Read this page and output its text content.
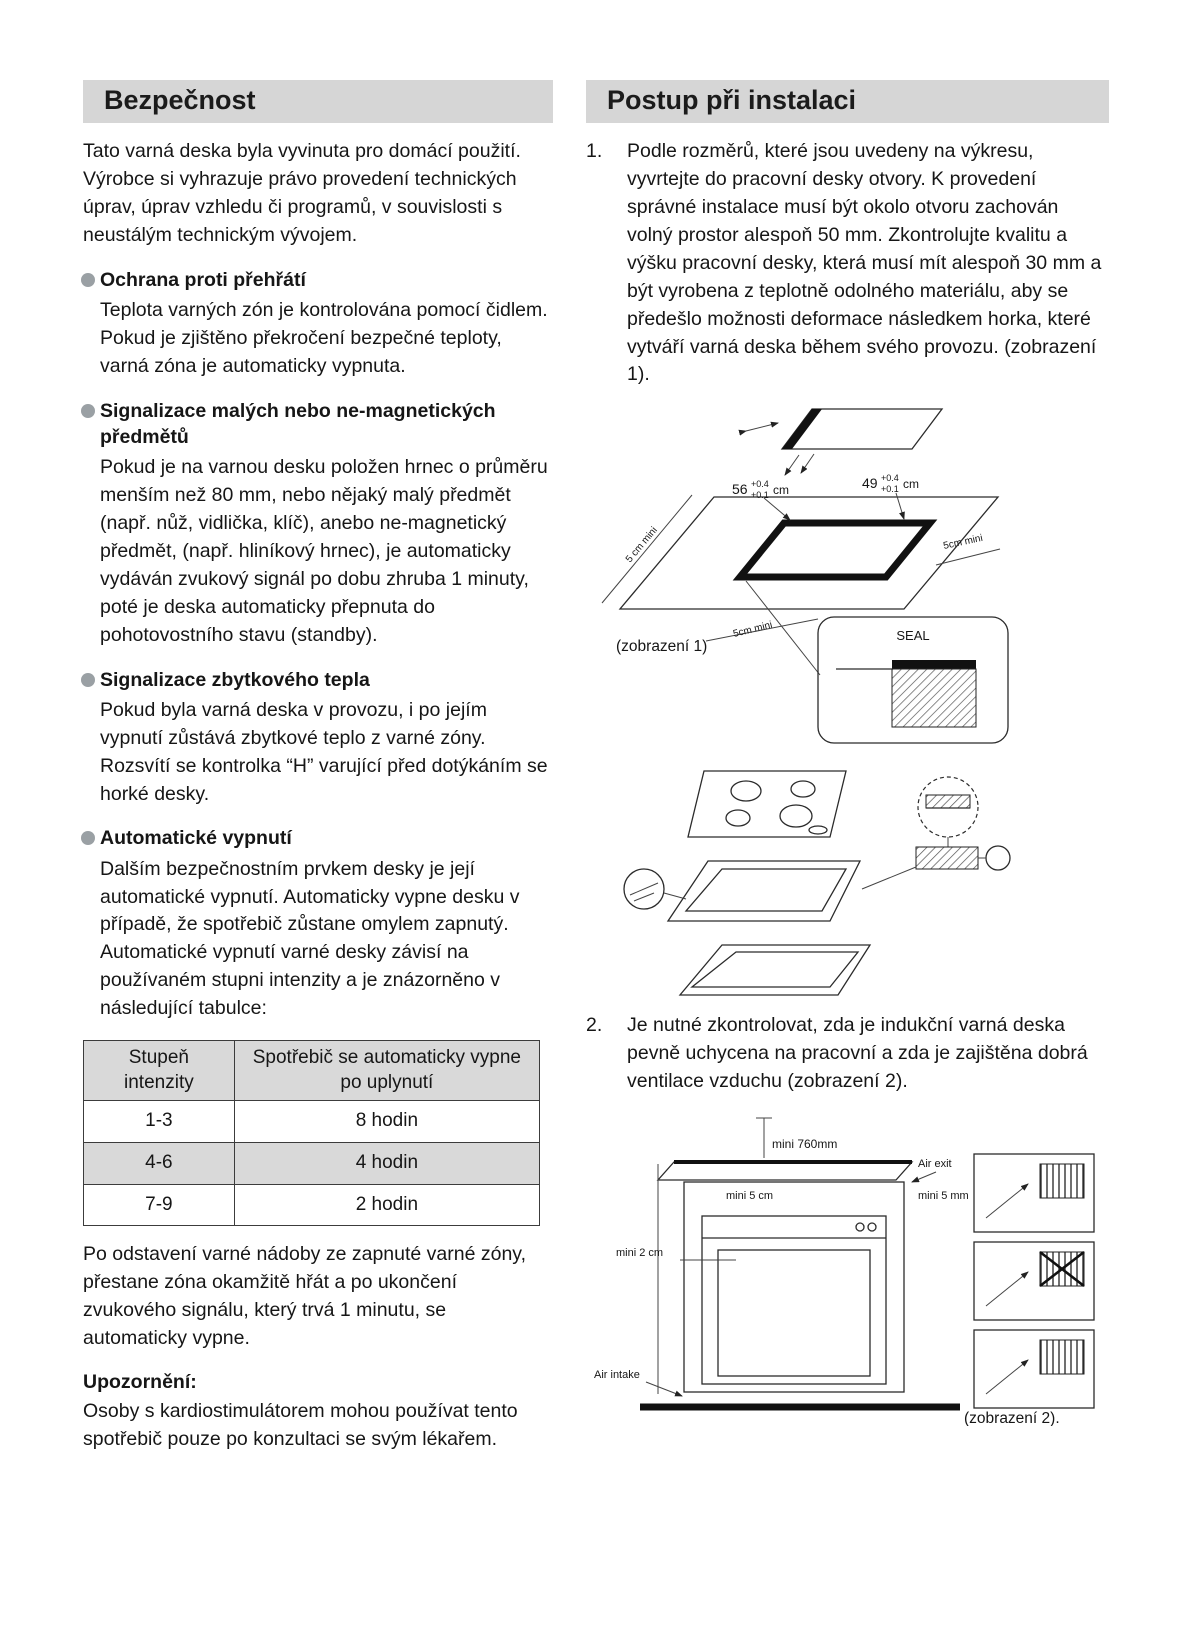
Bezpečnost

Tato varná deska byla vyvinuta pro domácí použití. Výrobce si vyhrazuje právo provedení technických úprav, úprav vzhledu či programů, v souvislosti s neustálým technickým vývojem.

Ochrana proti přehřátí
Teplota varných zón je kontrolována pomocí čidlem. Pokud je zjištěno překročení bezpečné teploty, varná zóna je automaticky vypnuta.
Signalizace malých nebo ne-magnetických předmětů
Pokud je na varnou desku položen hrnec o průměru menším než 80 mm, nebo nějaký malý předmět (např. nůž, vidlička, klíč), anebo ne-magnetický předmět, (např. hliníkový hrnec), je automaticky vydáván zvukový signál po dobu zhruba 1 minuty, poté je deska automaticky přepnuta do pohotovostního stavu (standby).
Signalizace zbytkového tepla
Pokud byla varná deska v provozu, i po jejím vypnutí zůstává zbytkové teplo z varné zóny. Rozsvítí se kontrolka “H” varující před dotýkáním se horké desky.
Automatické vypnutí
Dalším bezpečnostním prvkem desky je její automatické vypnutí. Automaticky vypne desku v případě, že spotřebič zůstane omylem zapnutý. Automatické vypnutí varné desky závisí na používaném stupni intenzity a je znázorněno v následující tabulce:
Stupeň intenzity	Spotřebič se automaticky vypne po uplynutí
1-3	8 hodin
4-6	4 hodin
7-9	2 hodin

Po odstavení varné nádoby ze zapnuté varné zóny, přestane zóna okamžitě hřát a po ukončení zvukového signálu, který trvá 1 minutu, se automaticky vypne.

Upozornění:
Osoby s kardiostimulátorem mohou používat tento spotřebič pouze po konzultaci se svým lékařem.
Postup při instalaci
1.	Podle rozměrů, které jsou uvedeny na výkresu, vyvrtejte do pracovní desky otvory. K provedení správné instalace musí být okolo otvoru zachován volný prostor alespoň 50 mm. Zkontrolujte kvalitu a výšku pracovní desky, která musí mít alespoň 30 mm a být vyrobena z teplotně odolného materiálu, aby se předešlo možnosti deformace následkem horka, které vytváří varná deska během svého provozu. (zobrazení 1).
56 +0.4
+0.1 cm	49 +0.4
+0.1 cm
5 cm mini
5cm mini
5cm mini
(zobrazení 1)
SEAL
2.	Je nutné zkontrolovat, zda je indukční varná deska pevně uchycena na pracovní a zda je zajištěna dobrá ventilace vzduchu (zobrazení 2).
mini 760mm
mini 5 cm
Air exit
mini 5 mm
mini 2 cm
Air intake
(zobrazení 2).
